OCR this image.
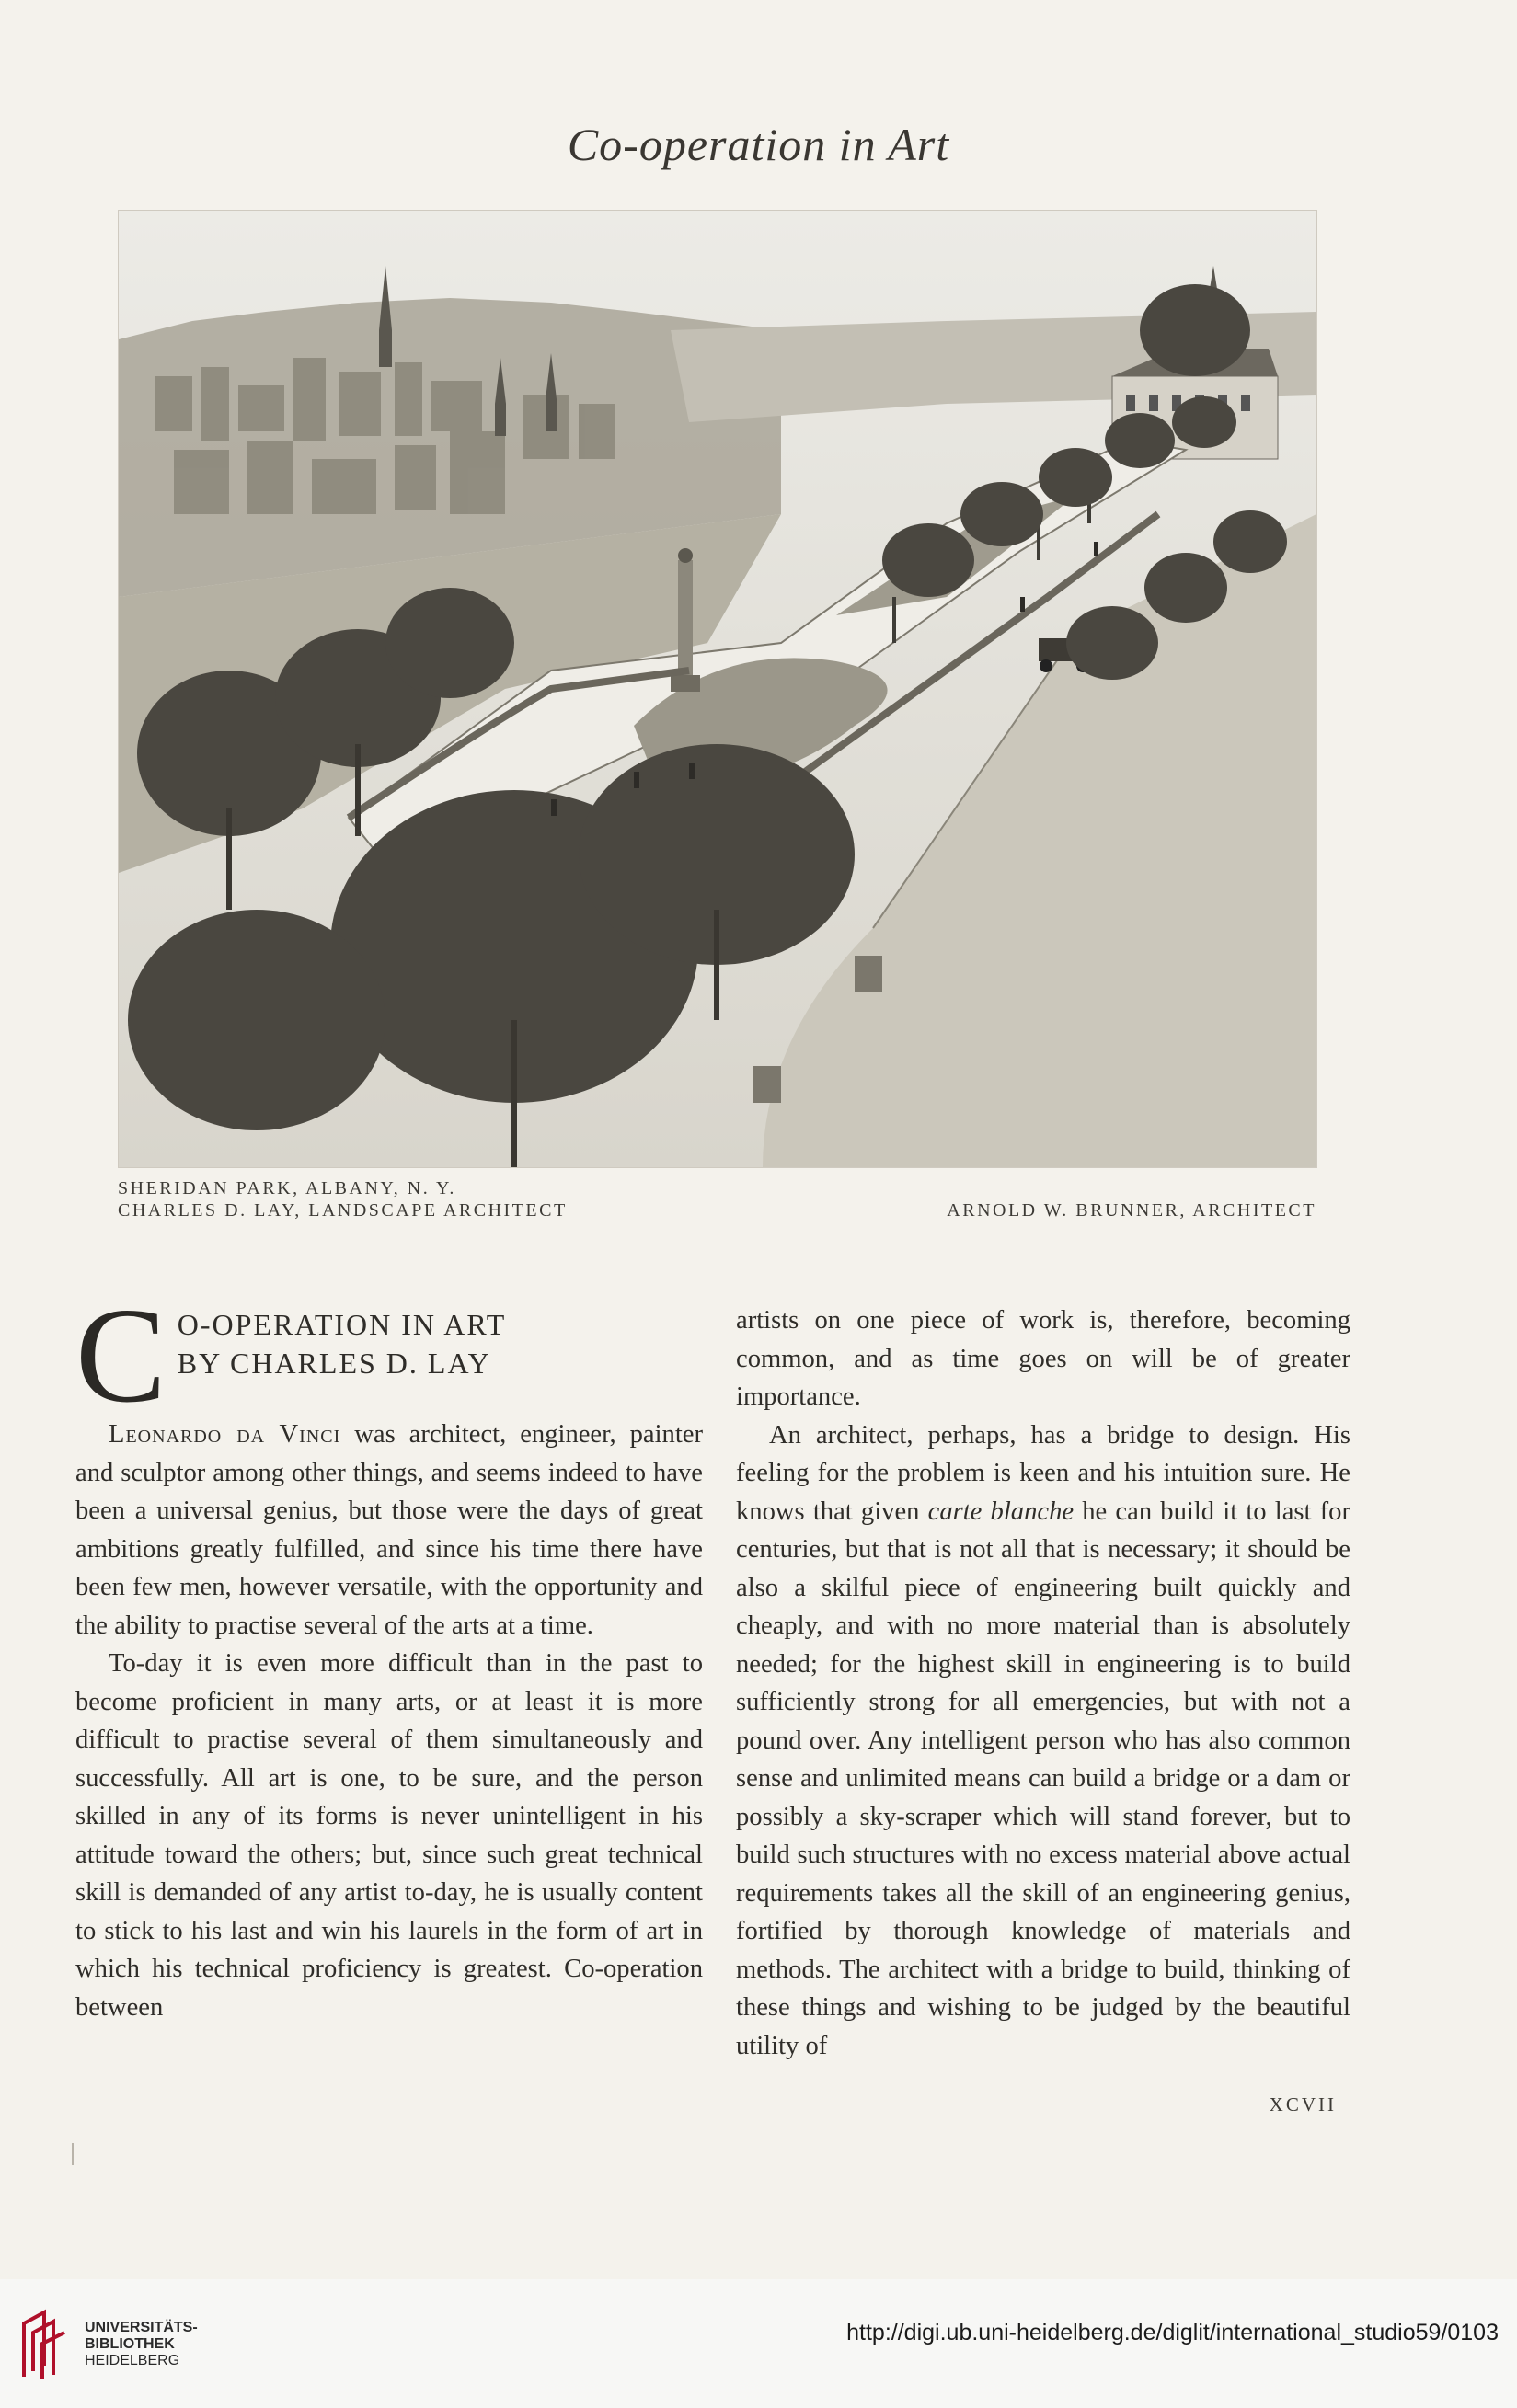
Co-operation in Art
SHERIDAN PARK, ALBANY, N. Y.
CHARLES D. LAY, LANDSCAPE ARCHITECT	ARNOLD W. BRUNNER, ARCHITECT
C O-OPERATION IN ART
BY CHARLES D. LAY

Leonardo da Vinci was architect, engineer, painter and sculptor among other things, and seems indeed to have been a universal genius, but those were the days of great ambitions greatly fulfilled, and since his time there have been few men, however versatile, with the opportunity and the ability to practise several of the arts at a time.

To-day it is even more difficult than in the past to become proficient in many arts, or at least it is more difficult to practise several of them simultaneously and successfully. All art is one, to be sure, and the person skilled in any of its forms is never unintelligent in his attitude toward the others; but, since such great technical skill is demanded of any artist to-day, he is usually content to stick to his last and win his laurels in the form of art in which his technical proficiency is greatest. Co-operation between

artists on one piece of work is, therefore, becoming common, and as time goes on will be of greater importance.

An architect, perhaps, has a bridge to design. His feeling for the problem is keen and his intuition sure. He knows that given carte blanche he can build it to last for centuries, but that is not all that is necessary; it should be also a skilful piece of engineering built quickly and cheaply, and with no more material than is absolutely needed; for the highest skill in engineering is to build sufficiently strong for all emergencies, but with not a pound over. Any intelligent person who has also common sense and unlimited means can build a bridge or a dam or possibly a sky-scraper which will stand forever, but to build such structures with no excess material above actual requirements takes all the skill of an engineering genius, fortified by thorough knowledge of materials and methods. The architect with a bridge to build, thinking of these things and wishing to be judged by the beautiful utility of

XCVII
UNIVERSITÄTS-
BIBLIOTHEK
HEIDELBERG
http://digi.ub.uni-heidelberg.de/diglit/international_studio59/0103
